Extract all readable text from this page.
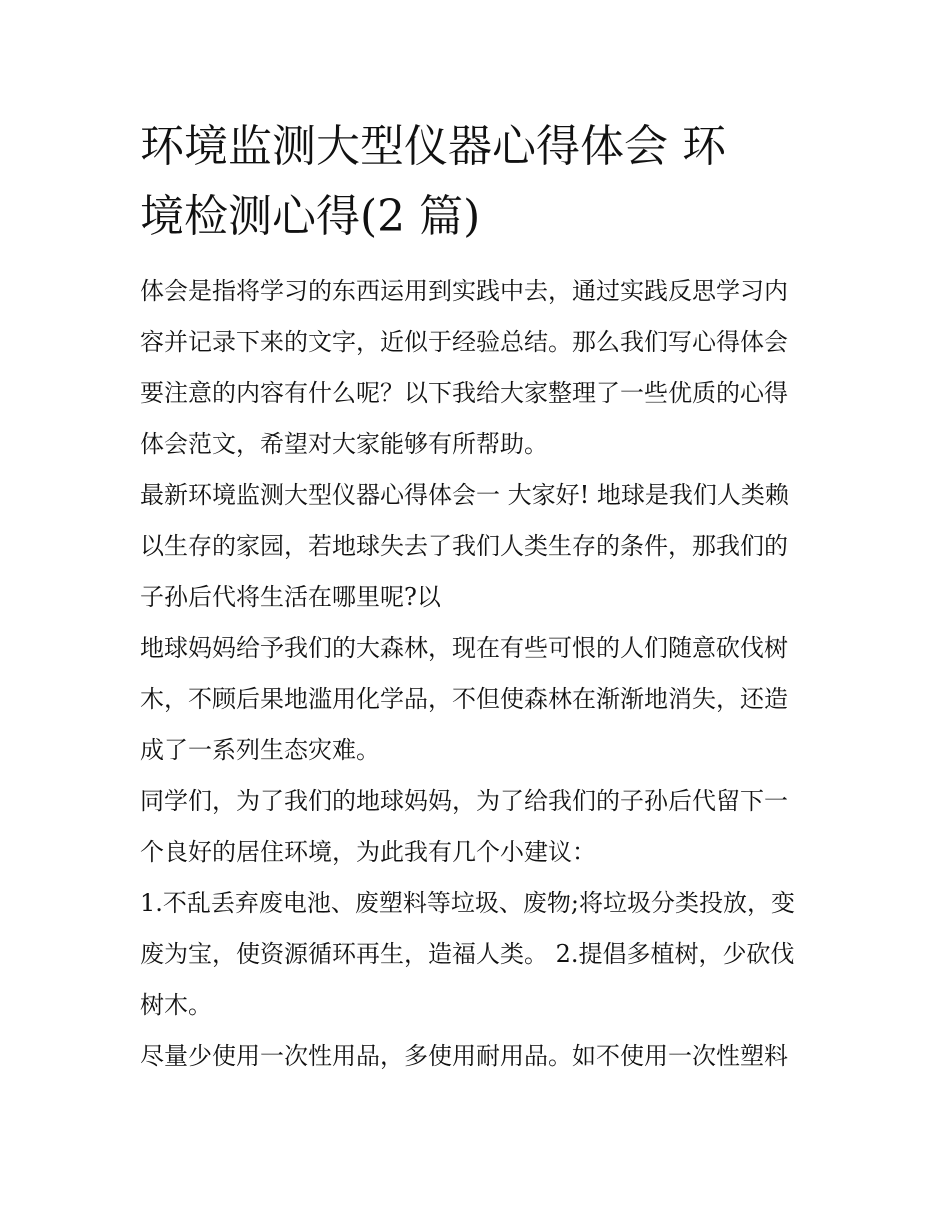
环境监测大型仪器心得体会 环
境检测心得(2 篇)

体会是指将学习的东西运用到实践中去，通过实践反思学习内
容并记录下来的文字，近似于经验总结。那么我们写心得体会
要注意的内容有什么呢？以下我给大家整理了一些优质的心得
体会范文，希望对大家能够有所帮助。

最新环境监测大型仪器心得体会一 大家好! 地球是我们人类赖
以生存的家园，若地球失去了我们人类生存的条件，那我们的
子孙后代将生活在哪里呢?以

地球妈妈给予我们的大森林，现在有些可恨的人们随意砍伐树
木，不顾后果地滥用化学品，不但使森林在渐渐地消失，还造
成了一系列生态灾难。

同学们，为了我们的地球妈妈，为了给我们的子孙后代留下一
个良好的居住环境，为此我有几个小建议：

1.不乱丢弃废电池、废塑料等垃圾、废物;将垃圾分类投放，变
废为宝，使资源循环再生，造福人类。 2.提倡多植树，少砍伐
树木。

尽量少使用一次性用品，多使用耐用品。如不使用一次性塑料
